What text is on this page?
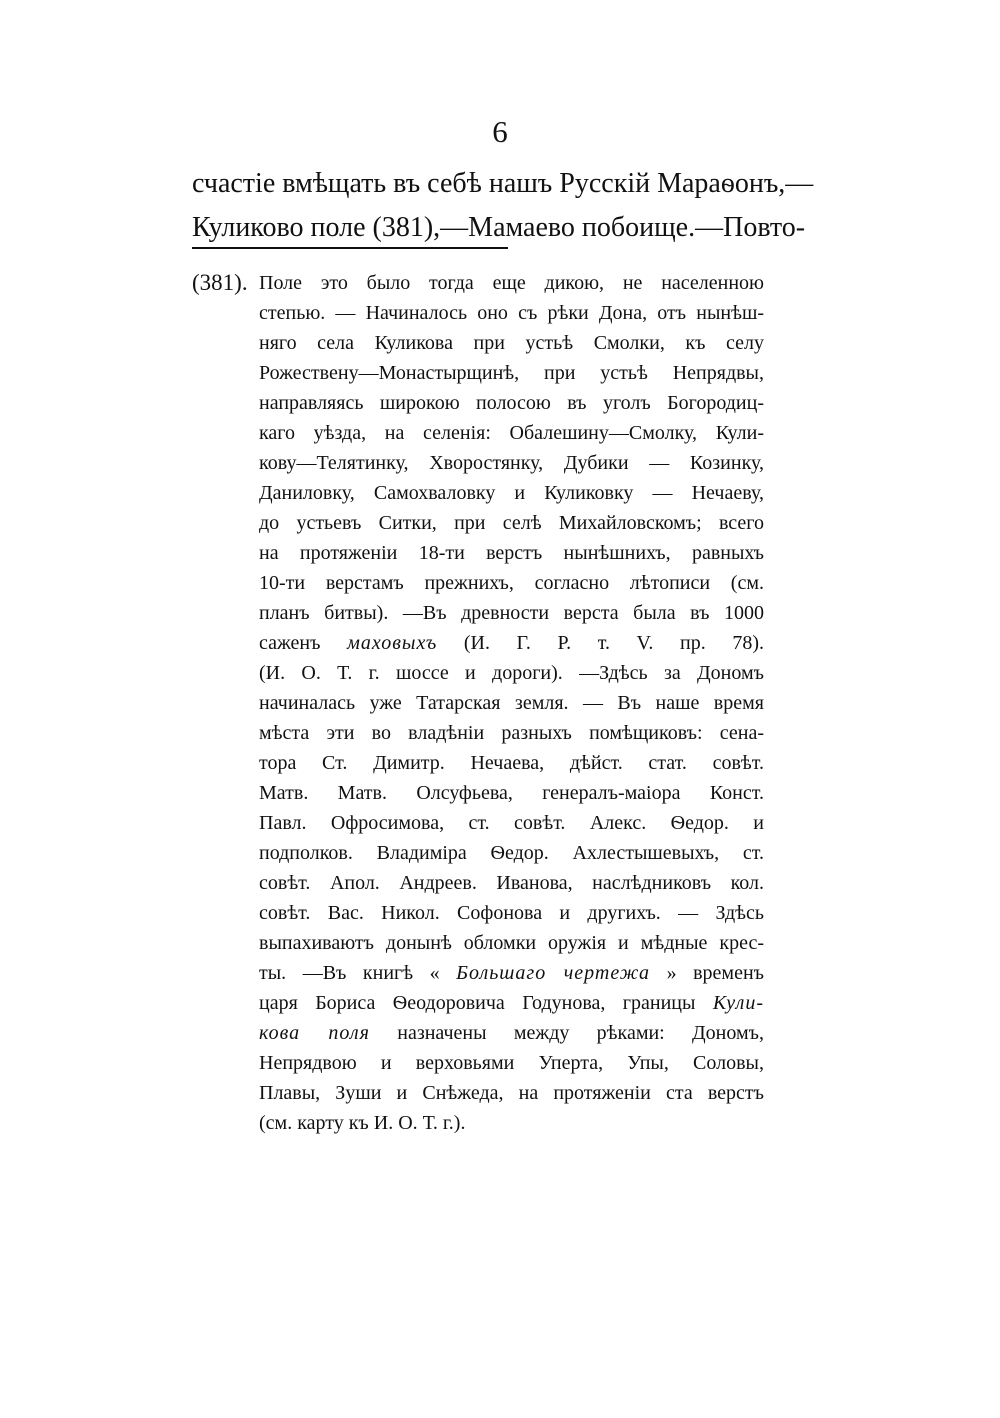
6
счастіе вмѣщать въ себѣ нашъ Русскій Мараѳонъ,—
Куликово поле (381),—Мамаево побоище.—Повто-
(381). Поле это было тогда еще дикою, не населенною
степью. — Начиналось оно съ рѣки Дона, отъ нынѣш-
няго села Куликова при устьѣ Смолки, къ селу
Рожествену—Монастырщинѣ, при устьѣ Непрядвы,
направляясь широкою полосою въ уголъ Богородиц-
каго уѣзда, на селенія: Обалешину—Смолку, Кули-
кову—Телятинку, Хворостянку, Дубики — Козинку,
Даниловку, Самохваловку и Куликовку — Нечаеву,
до устьевъ Ситки, при селѣ Михайловскомъ; всего
на протяженіи 18-ти верстъ нынѣшнихъ, равныхъ
10-ти верстамъ прежнихъ, согласно лѣтописи (см.
планъ битвы). —Въ древности верста была въ 1000
саженъ маховыхъ (И. Г. Р. т. V. пр. 78).
(И. О. Т. г. шоссе и дороги). —Здѣсь за Дономъ
начиналась уже Татарская земля. — Въ наше время
мѣста эти во владѣніи разныхъ помѣщиковъ: сена-
тора Ст. Димитр. Нечаева, дѣйст. стат. совѣт.
Матв. Матв. Олсуфьева, генералъ-маіора Конст.
Павл. Офросимова, ст. совѣт. Алекс. Ѳедор. и
подполков. Владиміра Ѳедор. Ахлестышевыхъ, ст.
совѣт. Апол. Андреев. Иванова, наслѣдниковъ кол.
совѣт. Вас. Никол. Софонова и другихъ. — Здѣсь
выпахиваютъ донынѣ обломки оружія и мѣдные крес-
ты. —Въ книгѣ « Большаго чертежа » временъ
царя Бориса Ѳеодоровича Годунова, границы Кули-
кова поля назначены между рѣками: Дономъ,
Непрядвою и верховьями Уперта, Упы, Соловы,
Плавы, Зуши и Снѣжеда, на протяженіи ста верстъ
(см. карту къ И. О. Т. г.).
